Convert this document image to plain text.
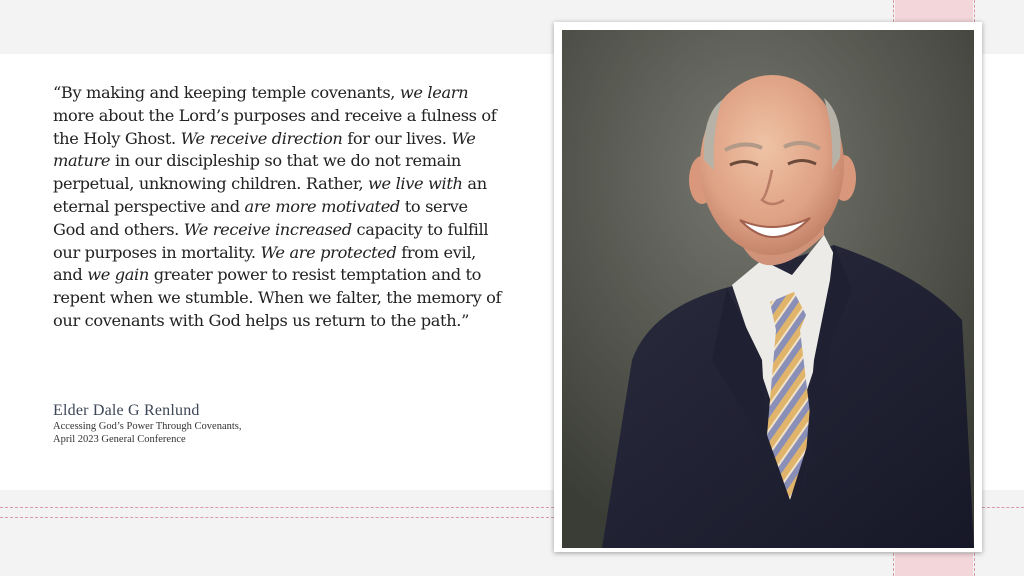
“By making and keeping temple covenants, we learn more about the Lord’s purposes and receive a fulness of the Holy Ghost. We receive direction for our lives. We mature in our discipleship so that we do not remain perpetual, unknowing children. Rather, we live with an eternal perspective and are more motivated to serve God and others. We receive increased capacity to fulfill our purposes in mortality. We are protected from evil, and we gain greater power to resist temptation and to repent when we stumble. When we falter, the memory of our covenants with God helps us return to the path.”

Elder Dale G Renlund
Accessing God’s Power Through Covenants,
April 2023 General Conference
